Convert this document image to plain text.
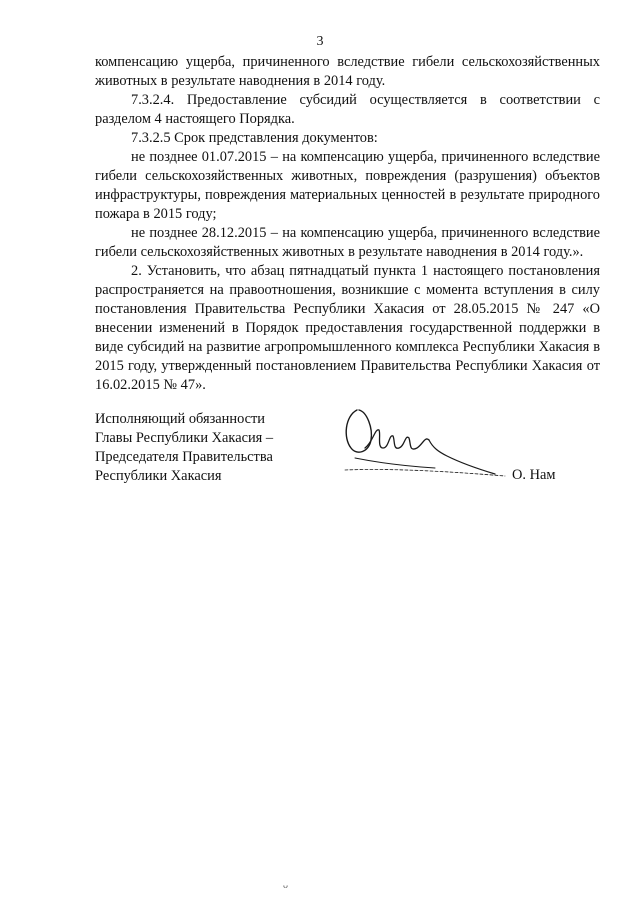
3

компенсацию ущерба, причиненного вследствие гибели сельскохозяйственных животных в результате наводнения в 2014 году.

7.3.2.4. Предоставление субсидий осуществляется в соответствии с разделом 4 настоящего Порядка.

7.3.2.5 Срок представления документов:

не позднее 01.07.2015 – на компенсацию ущерба, причиненного вследствие гибели сельскохозяйственных животных, повреждения (разрушения) объектов инфраструктуры, повреждения материальных ценностей в результате природного пожара в 2015 году;

не позднее 28.12.2015 – на компенсацию ущерба, причиненного вследствие гибели сельскохозяйственных животных в результате наводнения в 2014 году.».

2. Установить, что абзац пятнадцатый пункта 1 настоящего постановления распространяется на правоотношения, возникшие с момента вступления в силу постановления Правительства Республики Хакасия от 28.05.2015 № 247 «О внесении изменений в Порядок предоставления государственной поддержки в виде субсидий на развитие агропромышленного комплекса Республики Хакасия в 2015 году, утвержденный постановлением Правительства Республики Хакасия от 16.02.2015 № 47».

Исполняющий обязанности
Главы Республики Хакасия –
Председателя Правительства
Республики Хакасия	О. Нам
ᴗ
